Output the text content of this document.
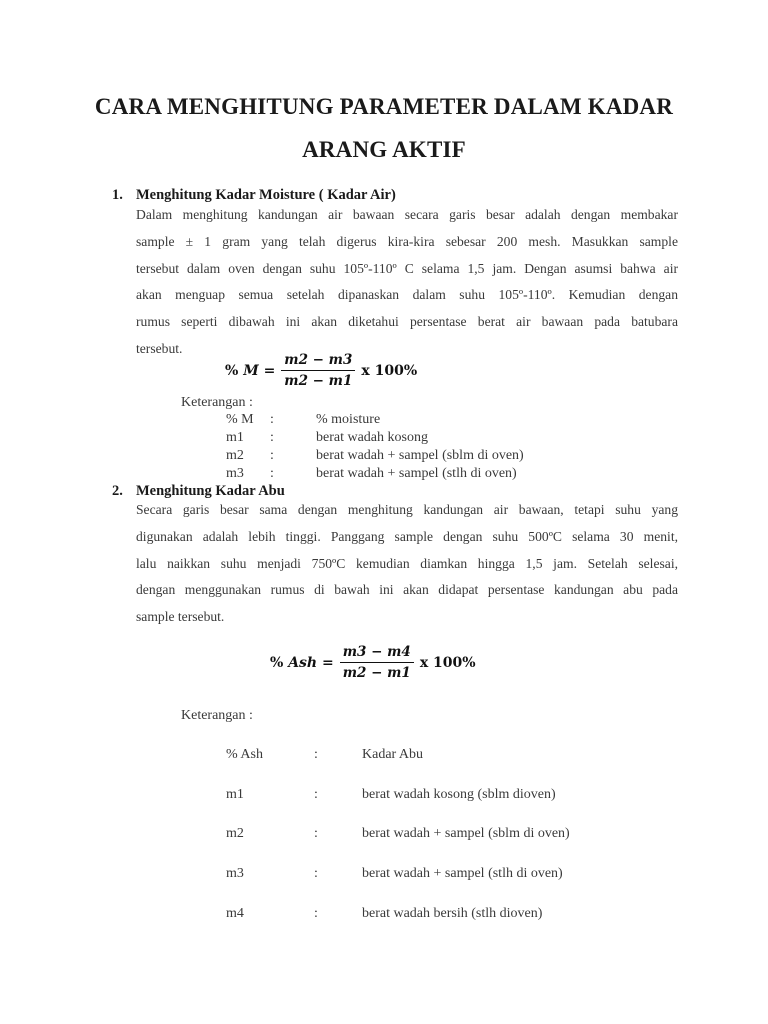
CARA MENGHITUNG PARAMETER DALAM KADAR
ARANG AKTIF
1. Menghitung Kadar Moisture ( Kadar Air)
Dalam menghitung kandungan air bawaan secara garis besar adalah dengan membakar
sample ± 1 gram yang telah digerus kira-kira sebesar 200 mesh. Masukkan sample
tersebut dalam oven dengan suhu 105º-110º C selama 1,5 jam. Dengan asumsi bahwa air
akan menguap semua setelah dipanaskan dalam suhu 105º-110º. Kemudian dengan
rumus seperti dibawah ini akan diketahui persentase berat air bawaan pada batubara
tersebut.
% $M = \frac{m2 - m3}{m2 - m1}$ x 100%
Keterangan :
% M :	% moisture
m1 :	berat wadah kosong
m2 :	berat wadah + sampel (sblm di oven)
m3 :	berat wadah + sampel (stlh di oven)
2. Menghitung Kadar Abu
Secara garis besar sama dengan menghitung kandungan air bawaan, tetapi suhu yang
digunakan adalah lebih tinggi. Panggang sample dengan suhu 500ºC selama 30 menit,
lalu naikkan suhu menjadi 750ºC kemudian diamkan hingga 1,5 jam. Setelah selesai,
dengan menggunakan rumus di bawah ini akan didapat persentase kandungan abu pada
sample tersebut.
% Ash = $\frac{m3 - m4}{m2 - m1}$ x 100%
Keterangan :
% Ash	:	Kadar Abu
m1	:	berat wadah kosong (sblm dioven)
m2	:	berat wadah + sampel (sblm di oven)
m3	:	berat wadah + sampel (stlh di oven)
m4	:	berat wadah bersih (stlh dioven)
